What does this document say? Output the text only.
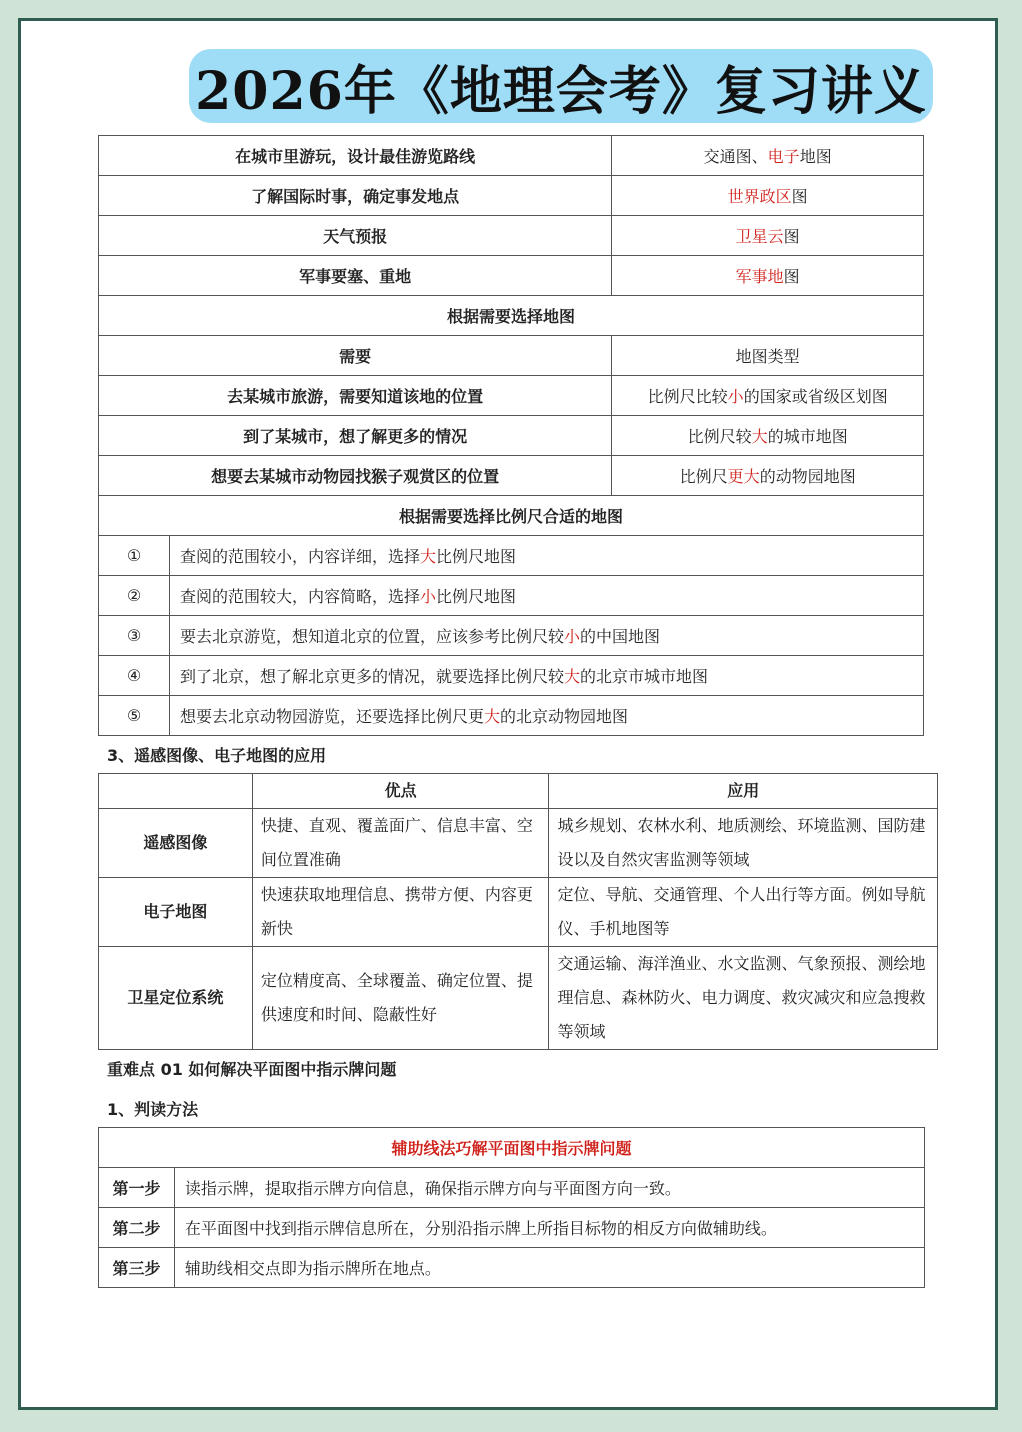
2026年《地理会考》复习讲义
在城市里游玩，设计最佳游览路线	交通图、电子地图
了解国际时事，确定事发地点	世界政区图
天气预报	卫星云图
军事要塞、重地	军事地图
根据需要选择地图	
需要	地图类型
去某城市旅游，需要知道该地的位置	比例尺比较小的国家或省级区划图
到了某城市，想了解更多的情况	比例尺较大的城市地图
想要去某城市动物园找猴子观赏区的位置	比例尺更大的动物园地图
根据需要选择比例尺合适的地图	

① 查阅的范围较小，内容详细，选择 大 比例尺地图	

② 查阅的范围较大，内容简略，选择 小 比例尺地图	

③ 要去北京游览，想知道北京的位置，应该参考比例尺较 小 的中国地图	

④ 到了北京，想了解北京更多的情况，就要选择比例尺较 大 的北京市城市地图	

⑤ 想要去北京动物园游览，还要选择比例尺更 大 的北京动物园地图	
	优点	应用
遥感图像	快捷、直观、覆盖面广、信息丰富、空间位置准确	城乡规划、农林水利、地质测绘、环境监测、国防建设以及自然灾害监测等领域
电子地图	快速获取地理信息、携带方便、内容更新快	定位、导航、交通管理、个人出行等方面。例如导航仪、手机地图等
卫星定位系统	定位精度高、全球覆盖、确定位置、提供速度和时间、隐蔽性好	交通运输、海洋渔业、水文监测、气象预报、测绘地理信息、森林防火、电力调度、救灾减灾和应急搜救等领域
3、遥感图像、电子地图的应用
重难点 01 如何解决平面图中指示牌问题
1、判读方法
辅助线法巧解平面图中指示牌问题	
第一步	读指示牌，提取指示牌方向信息，确保指示牌方向与平面图方向一致。
第二步	在平面图中找到指示牌信息所在，分别沿指示牌上所指目标物的相反方向做辅助线。
第三步	辅助线相交点即为指示牌所在地点。
